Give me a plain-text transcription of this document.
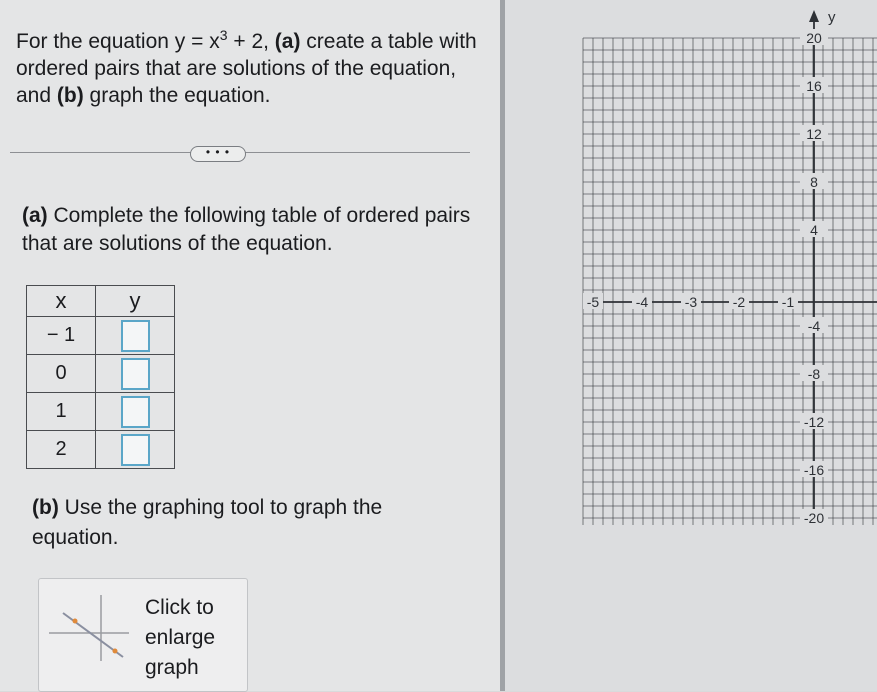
For the equation $y = x^3 + 2$, (a) create a table with ordered pairs that are solutions of the equation, and (b) graph the equation.
• • •
(a) Complete the following table of ordered pairs that are solutions of the equation.
x	y
− 1	
0	
1	
2	
(b) Use the graphing tool to graph the equation.
Click to enlarge graph
y
20
16
12
8
4
-4
-8
-12
-16
-20
-5	-4	-3	-2	-1
